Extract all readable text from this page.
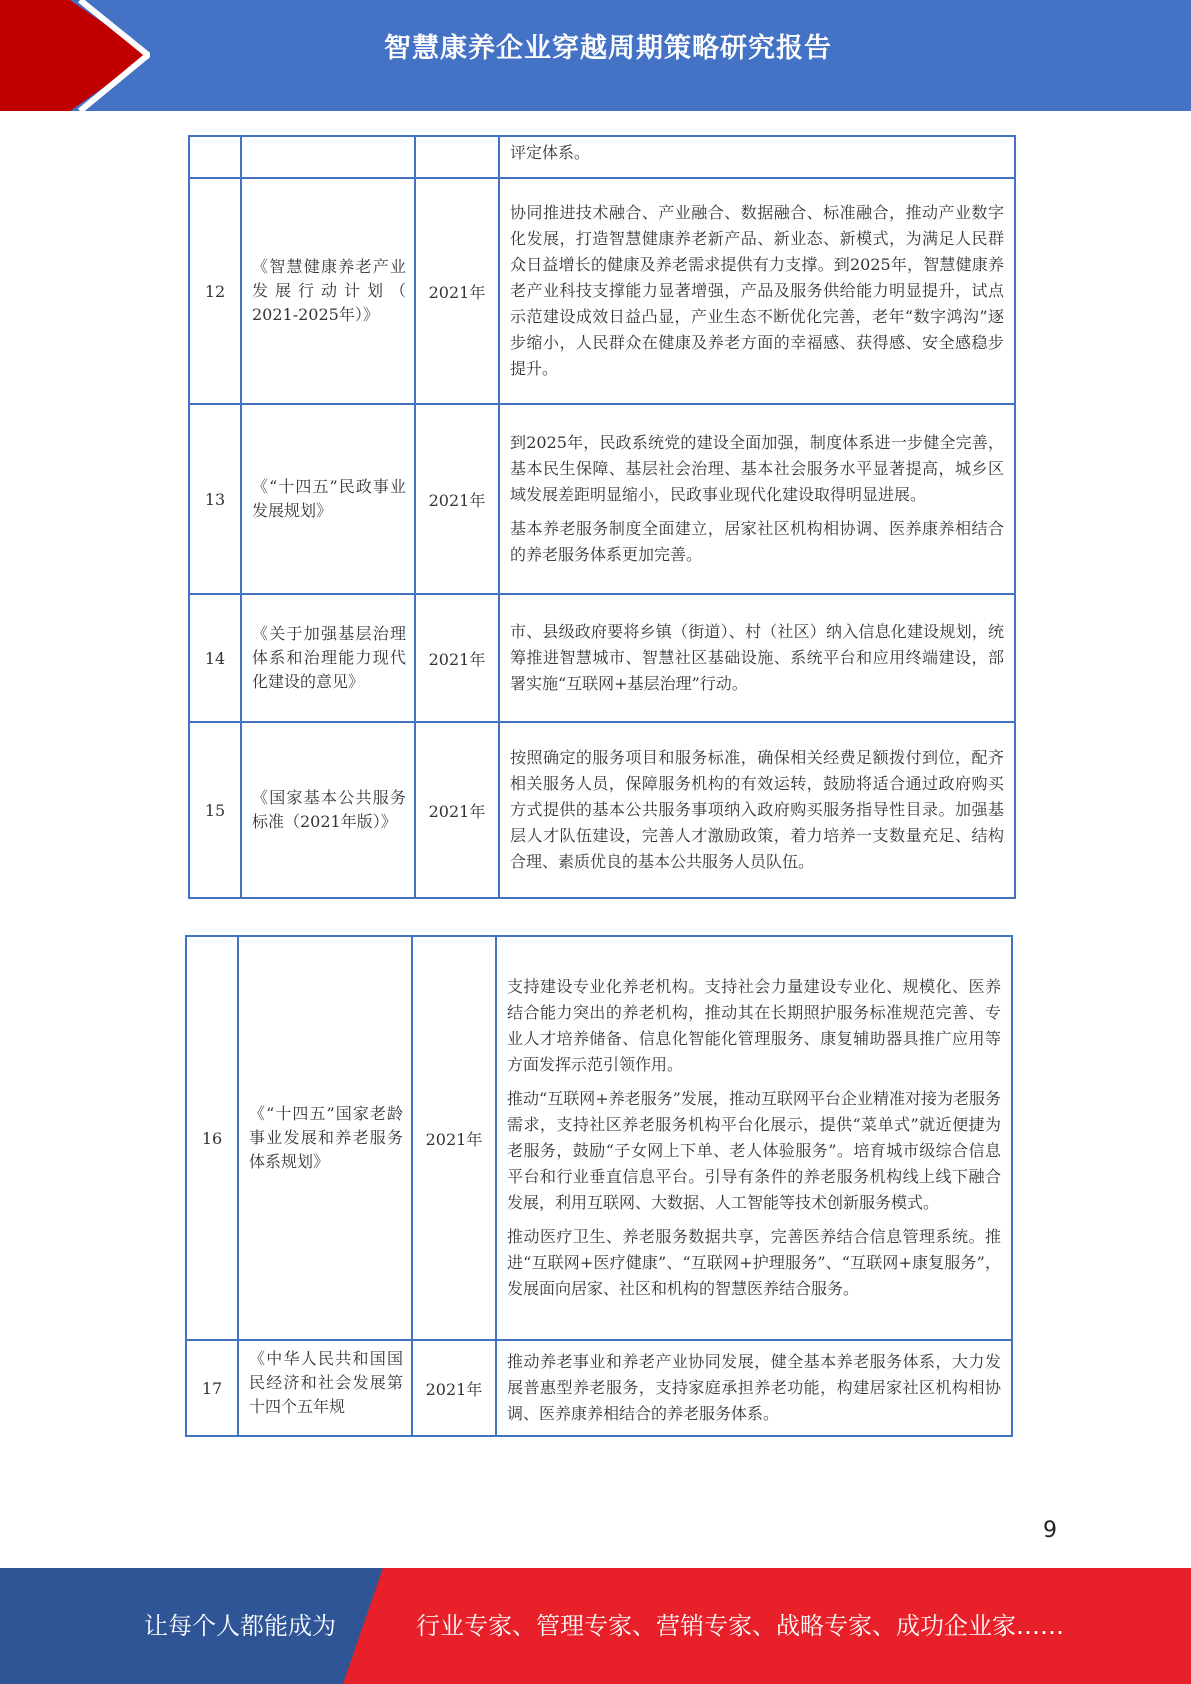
智慧康养企业穿越周期策略研究报告

			评定体系。

12	《智慧健康养老产业发展行动计划（ 2021-2025年）》	2021年	协同推进技术融合、产业融合、数据融合、标准融合，推动产业数字化发展，打造智慧健康养老新产品、新业态、新模式，为满足人民群众日益增长的健康及养老需求提供有力支撑。到2025年，智慧健康养老产业科技支撑能力显著增强，产品及服务供给能力明显提升，试点示范建设成效日益凸显，产业生态不断优化完善，老年“数字鸿沟”逐步缩小，人民群众在健康及养老方面的幸福感、获得感、安全感稳步提升。

13	《“十四五”民政事业发展规划》	2021年	到2025年，民政系统党的建设全面加强，制度体系进一步健全完善，基本民生保障、基层社会治理、基本社会服务水平显著提高，城乡区域发展差距明显缩小，民政事业现代化建设取得明显进展。

基本养老服务制度全面建立，居家社区机构相协调、医养康养相结合的养老服务体系更加完善。

14	《关于加强基层治理体系和治理能力现代化建设的意见》	2021年	市、县级政府要将乡镇（街道）、村（社区）纳入信息化建设规划，统筹推进智慧城市、智慧社区基础设施、系统平台和应用终端建设，部署实施“互联网+基层治理”行动。

15	《国家基本公共服务标准（2021年版）》	2021年	按照确定的服务项目和服务标准，确保相关经费足额拨付到位，配齐相关服务人员，保障服务机构的有效运转，鼓励将适合通过政府购买方式提供的基本公共服务事项纳入政府购买服务指导性目录。加强基层人才队伍建设，完善人才激励政策，着力培养一支数量充足、结构合理、素质优良的基本公共服务人员队伍。

16	《“十四五”国家老龄事业发展和养老服务体系规划》	2021年	支持建设专业化养老机构。支持社会力量建设专业化、规模化、医养结合能力突出的养老机构，推动其在长期照护服务标准规范完善、专业人才培养储备、信息化智能化管理服务、康复辅助器具推广应用等方面发挥示范引领作用。

推动“互联网+养老服务”发展，推动互联网平台企业精准对接为老服务需求，支持社区养老服务机构平台化展示，提供“菜单式”就近便捷为老服务，鼓励“子女网上下单、老人体验服务”。培育城市级综合信息平台和行业垂直信息平台。引导有条件的养老服务机构线上线下融合发展，利用互联网、大数据、人工智能等技术创新服务模式。

推动医疗卫生、养老服务数据共享，完善医养结合信息管理系统。推进“互联网+医疗健康”、“互联网+护理服务”、“互联网+康复服务”，发展面向居家、社区和机构的智慧医养结合服务。

17	《中华人民共和国国民经济和社会发展第十四个五年规	2021年	推动养老事业和养老产业协同发展，健全基本养老服务体系，大力发展普惠型养老服务，支持家庭承担养老功能，构建居家社区机构相协调、医养康养相结合的养老服务体系。

9
让每个人都能成为	行业专家、管理专家、营销专家、战略专家、成功企业家……
